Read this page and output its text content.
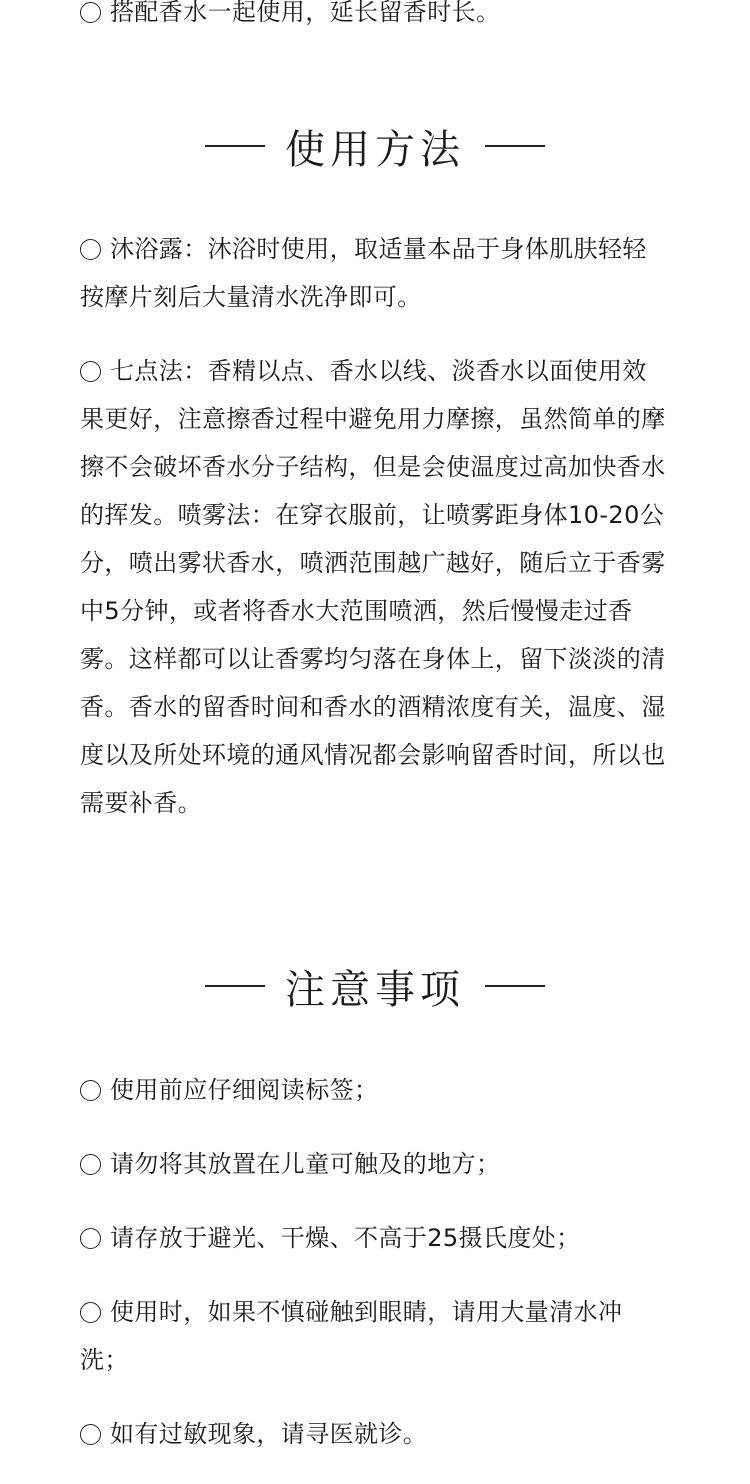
搭配香水一起使用，延长留香时长。

使用方法

沐浴露：沐浴时使用，取适量本品于身体肌肤轻轻按摩片刻后大量清水洗净即可。

七点法：香精以点、香水以线、淡香水以面使用效果更好，注意擦香过程中避免用力摩擦，虽然简单的摩擦不会破坏香水分子结构，但是会使温度过高加快香水的挥发。喷雾法：在穿衣服前，让喷雾距身体10-20公分，喷出雾状香水，喷洒范围越广越好，随后立于香雾中5分钟，或者将香水大范围喷洒，然后慢慢走过香雾。这样都可以让香雾均匀落在身体上，留下淡淡的清香。香水的留香时间和香水的酒精浓度有关，温度、湿度以及所处环境的通风情况都会影响留香时间，所以也需要补香。

注意事项

使用前应仔细阅读标签；

请勿将其放置在儿童可触及的地方；

请存放于避光、干燥、不高于25摄氏度处；

使用时，如果不慎碰触到眼睛，请用大量清水冲洗；

如有过敏现象，请寻医就诊。
